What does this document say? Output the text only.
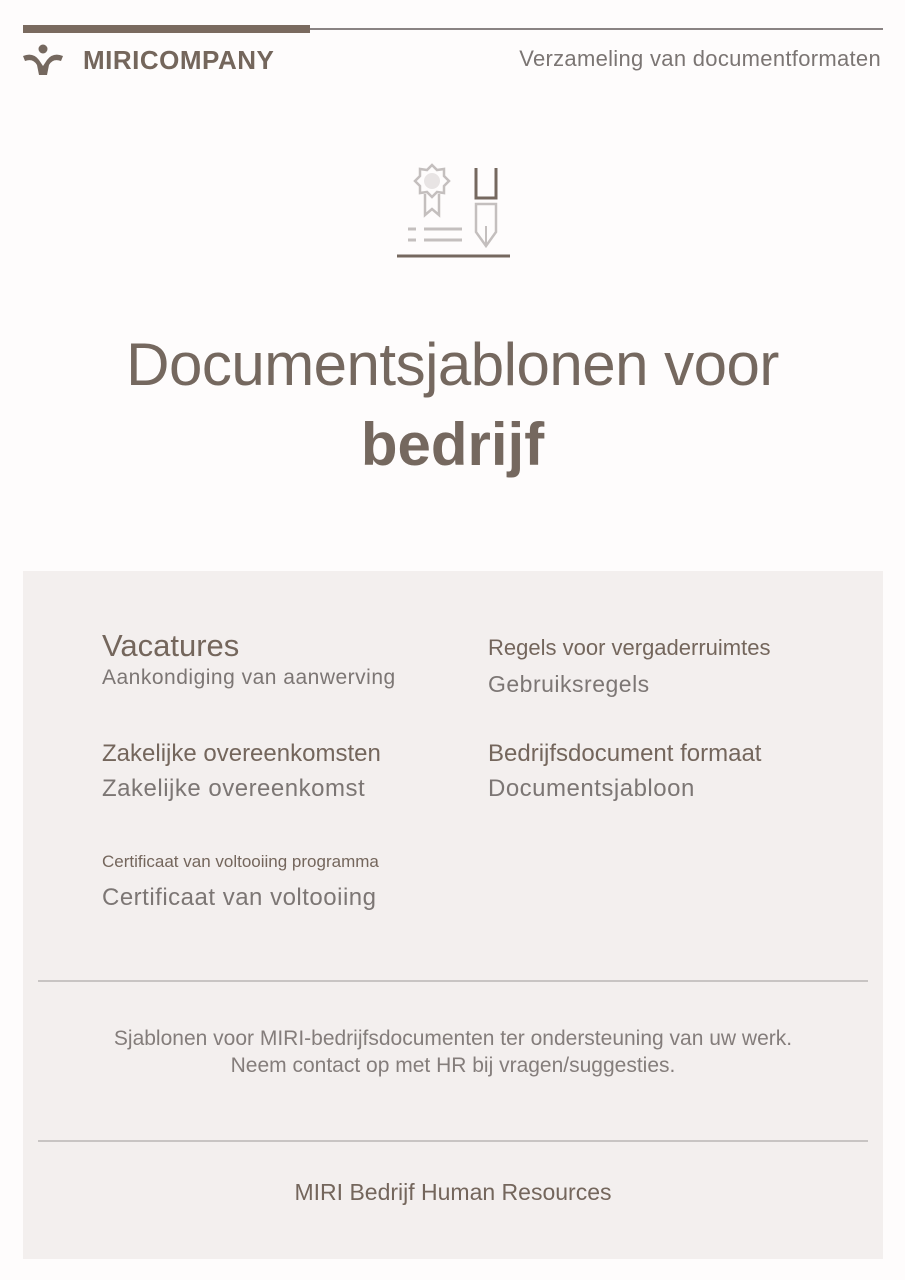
MIRICOMPANY	Verzameling van documentformaten
Documentsjablonen voor
bedrijf
Vacatures
Aankondiging van aanwerving
Regels voor vergaderruimtes
Gebruiksregels
Zakelijke overeenkomsten
Zakelijke overeenkomst
Bedrijfsdocument formaat
Documentsjabloon
Certificaat van voltooiing programma
Certificaat van voltooiing
Sjablonen voor MIRI-bedrijfsdocumenten ter ondersteuning van uw werk.
Neem contact op met HR bij vragen/suggesties.
MIRI Bedrijf Human Resources
